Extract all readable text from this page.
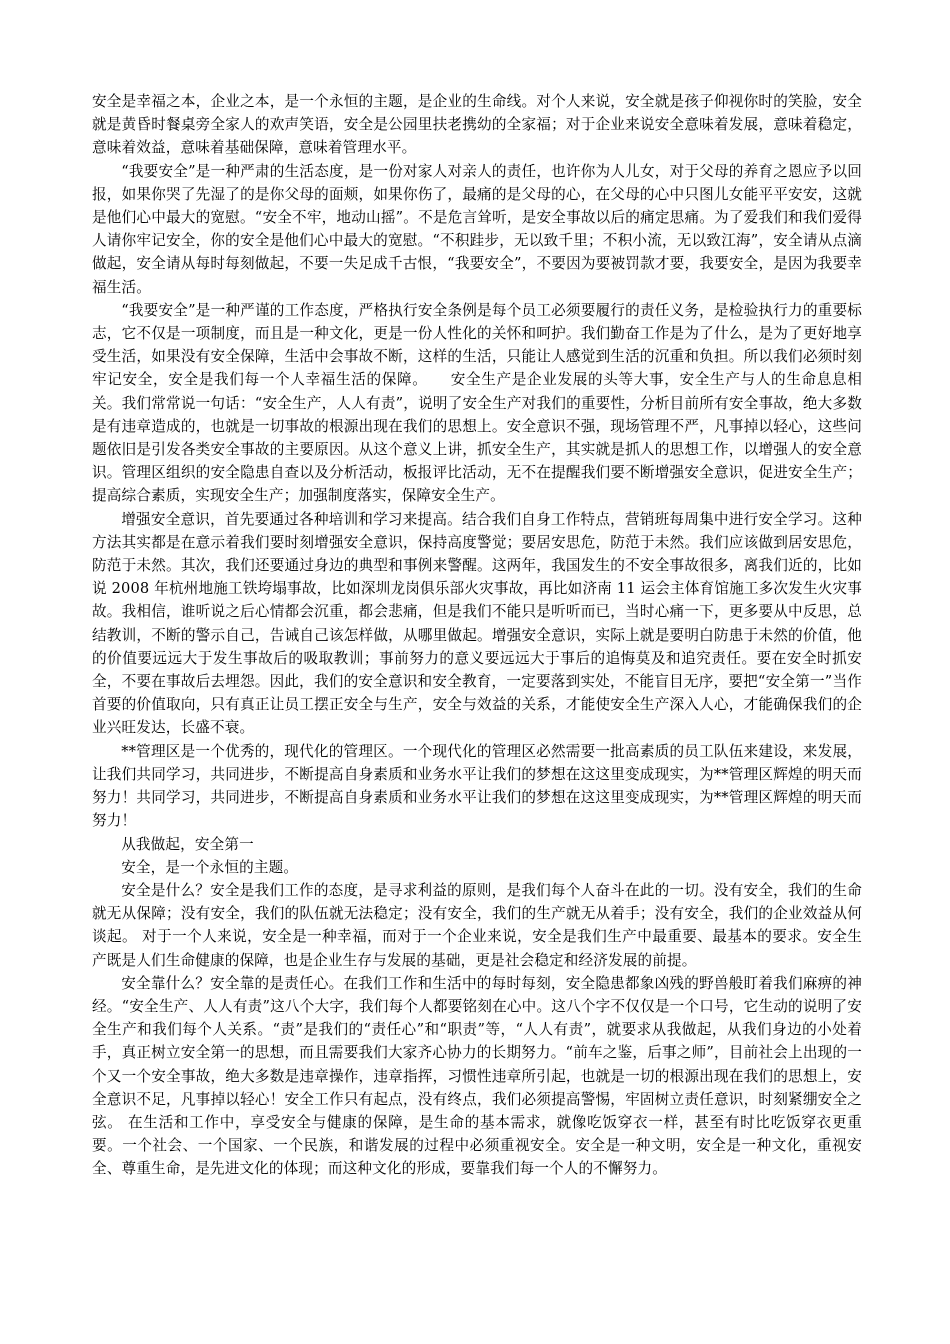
安全是幸福之本，企业之本，是一个永恒的主题，是企业的生命线。对个人来说，安全就是孩子仰视你时的笑脸，安全就是黄昏时餐桌旁全家人的欢声笑语，安全是公园里扶老携幼的全家福；对于企业来说安全意味着发展，意味着稳定，意味着效益，意味着基础保障，意味着管理水平。

“我要安全”是一种严肃的生活态度，是一份对家人对亲人的责任，也许你为人儿女，对于父母的养育之恩应予以回报，如果你哭了先湿了的是你父母的面颊，如果你伤了，最痛的是父母的心，在父母的心中只图儿女能平平安安，这就是他们心中最大的宽慰。“安全不牢，地动山摇”。不是危言耸听，是安全事故以后的痛定思痛。为了爱我们和我们爱得人请你牢记安全，你的安全是他们心中最大的宽慰。“不积跬步，无以致千里；不积小流，无以致江海”，安全请从点滴做起，安全请从每时每刻做起，不要一失足成千古恨，“我要安全”，不要因为要被罚款才要，我要安全，是因为我要幸福生活。

“我要安全”是一种严谨的工作态度，严格执行安全条例是每个员工必须要履行的责任义务，是检验执行力的重要标志，它不仅是一项制度，而且是一种文化，更是一份人性化的关怀和呵护。我们勤奋工作是为了什么，是为了更好地享受生活，如果没有安全保障，生活中会事故不断，这样的生活，只能让人感觉到生活的沉重和负担。所以我们必须时刻牢记安全，安全是我们每一个人幸福生活的保障。　　安全生产是企业发展的头等大事，安全生产与人的生命息息相关。我们常常说一句话：“安全生产，人人有责”，说明了安全生产对我们的重要性，分析目前所有安全事故，绝大多数是有违章造成的，也就是一切事故的根源出现在我们的思想上。安全意识不强，现场管理不严，凡事掉以轻心，这些问题依旧是引发各类安全事故的主要原因。从这个意义上讲，抓安全生产，其实就是抓人的思想工作，以增强人的安全意识。管理区组织的安全隐患自查以及分析活动，板报评比活动，无不在提醒我们要不断增强安全意识，促进安全生产；提高综合素质，实现安全生产；加强制度落实，保障安全生产。

增强安全意识，首先要通过各种培训和学习来提高。结合我们自身工作特点，营销班每周集中进行安全学习。这种方法其实都是在意示着我们要时刻增强安全意识，保持高度警觉；要居安思危，防范于未然。我们应该做到居安思危，防范于未然。其次，我们还要通过身边的典型和事例来警醒。这两年，我国发生的不安全事故很多，离我们近的，比如说 2008 年杭州地施工铁垮塌事故，比如深圳龙岗俱乐部火灾事故，再比如济南 11 运会主体育馆施工多次发生火灾事故。我相信，谁听说之后心情都会沉重，都会悲痛，但是我们不能只是听听而已，当时心痛一下，更多要从中反思，总结教训，不断的警示自己，告诫自己该怎样做，从哪里做起。增强安全意识，实际上就是要明白防患于未然的价值，他的价值要远远大于发生事故后的吸取教训；事前努力的意义要远远大于事后的追悔莫及和追究责任。要在安全时抓安全，不要在事故后去埋怨。因此，我们的安全意识和安全教育，一定要落到实处，不能盲目无序，要把“安全第一”当作首要的价值取向，只有真正让员工摆正安全与生产，安全与效益的关系，才能使安全生产深入人心，才能确保我们的企业兴旺发达，长盛不衰。

**管理区是一个优秀的，现代化的管理区。一个现代化的管理区必然需要一批高素质的员工队伍来建设，来发展，让我们共同学习，共同进步，不断提高自身素质和业务水平让我们的梦想在这这里变成现实，为**管理区辉煌的明天而努力！共同学习，共同进步，不断提高自身素质和业务水平让我们的梦想在这这里变成现实，为**管理区辉煌的明天而努力！

从我做起，安全第一

安全，是一个永恒的主题。

安全是什么？安全是我们工作的态度，是寻求利益的原则，是我们每个人奋斗在此的一切。没有安全，我们的生命就无从保障；没有安全，我们的队伍就无法稳定；没有安全，我们的生产就无从着手；没有安全，我们的企业效益从何谈起。 对于一个人来说，安全是一种幸福，而对于一个企业来说，安全是我们生产中最重要、最基本的要求。安全生产既是人们生命健康的保障，也是企业生存与发展的基础，更是社会稳定和经济发展的前提。

安全靠什么？安全靠的是责任心。在我们工作和生活中的每时每刻，安全隐患都象凶残的野兽般盯着我们麻痹的神经。“安全生产、人人有责”这八个大字，我们每个人都要铭刻在心中。这八个字不仅仅是一个口号，它生动的说明了安全生产和我们每个人关系。“责”是我们的“责任心”和“职责”等，“人人有责”，就要求从我做起，从我们身边的小处着手，真正树立安全第一的思想，而且需要我们大家齐心协力的长期努力。“前车之鉴，后事之师”，目前社会上出现的一个又一个安全事故，绝大多数是违章操作，违章指挥，习惯性违章所引起，也就是一切的根源出现在我们的思想上，安全意识不足，凡事掉以轻心！安全工作只有起点，没有终点，我们必须提高警惕，牢固树立责任意识，时刻紧绷安全之弦。 在生活和工作中，享受安全与健康的保障，是生命的基本需求，就像吃饭穿衣一样，甚至有时比吃饭穿衣更重要。一个社会、一个国家、一个民族，和谐发展的过程中必须重视安全。安全是一种文明，安全是一种文化，重视安全、尊重生命，是先进文化的体现；而这种文化的形成，要靠我们每一个人的不懈努力。
